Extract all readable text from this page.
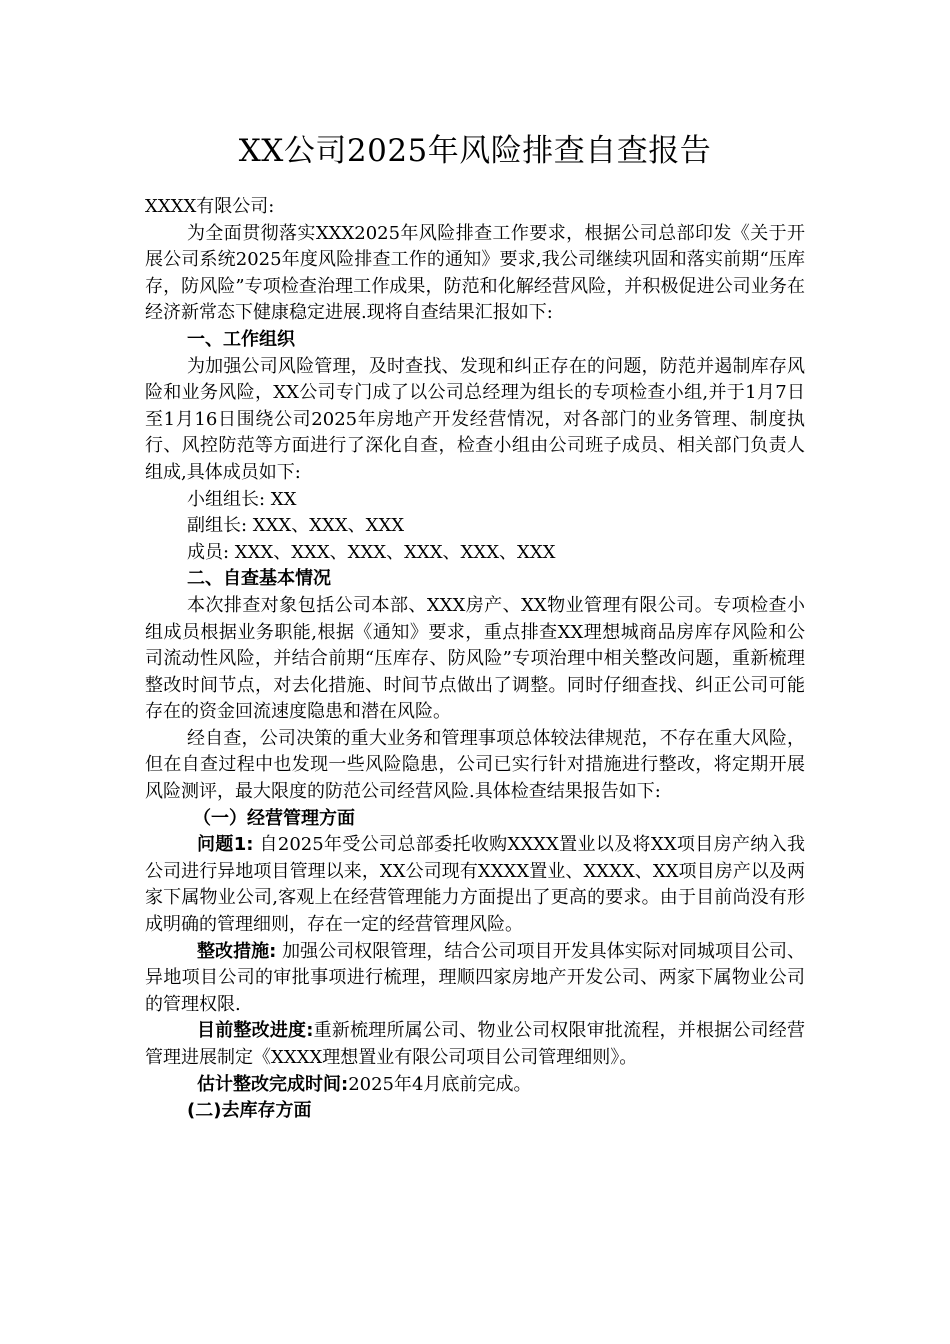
XX公司2025年风险排查自查报告

XXXX有限公司:

为全面贯彻落实XXX2025年风险排查工作要求，根据公司总部印发《关于开展公司系统2025年度风险排查工作的通知》要求,我公司继续巩固和落实前期“压库存，防风险”专项检查治理工作成果，防范和化解经营风险，并积极促进公司业务在经济新常态下健康稳定进展.现将自查结果汇报如下:

一、工作组织

为加强公司风险管理，及时查找、发现和纠正存在的问题，防范并遏制库存风险和业务风险，XX公司专门成了以公司总经理为组长的专项检查小组,并于1月7日至1月16日围绕公司2025年房地产开发经营情况，对各部门的业务管理、制度执行、风控防范等方面进行了深化自查，检查小组由公司班子成员、相关部门负责人组成,具体成员如下:

小组组长: XX

副组长: XXX、XXX、XXX

成员: XXX、XXX、XXX、XXX、XXX、XXX

二、自查基本情况

本次排查对象包括公司本部、XXX房产、XX物业管理有限公司。专项检查小组成员根据业务职能,根据《通知》要求，重点排查XX理想城商品房库存风险和公司流动性风险，并结合前期“压库存、防风险”专项治理中相关整改问题，重新梳理整改时间节点，对去化措施、时间节点做出了调整。同时仔细查找、纠正公司可能存在的资金回流速度隐患和潜在风险。

经自查，公司决策的重大业务和管理事项总体较法律规范，不存在重大风险，但在自查过程中也发现一些风险隐患，公司已实行针对措施进行整改，将定期开展风险测评，最大限度的防范公司经营风险.具体检查结果报告如下:

（一）经营管理方面

问题1: 自2025年受公司总部委托收购XXXX置业以及将XX项目房产纳入我公司进行异地项目管理以来，XX公司现有XXXX置业、XXXX、XX项目房产以及两家下属物业公司,客观上在经营管理能力方面提出了更高的要求。由于目前尚没有形成明确的管理细则，存在一定的经营管理风险。

整改措施: 加强公司权限管理，结合公司项目开发具体实际对同城项目公司、异地项目公司的审批事项进行梳理，理顺四家房地产开发公司、两家下属物业公司的管理权限.

目前整改进度:重新梳理所属公司、物业公司权限审批流程，并根据公司经营管理进展制定《XXXX理想置业有限公司项目公司管理细则》。

估计整改完成时间:2025年4月底前完成。

(二)去库存方面
